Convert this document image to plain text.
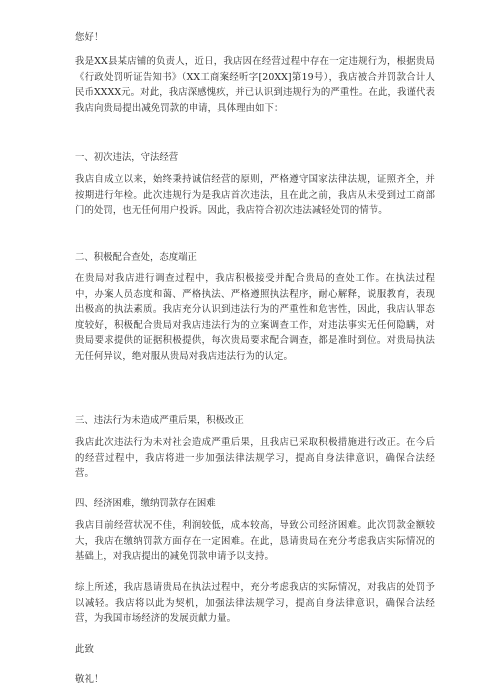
您好！

我是XX县某店铺的负责人，近日，我店因在经营过程中存在一定违规行为，根据贵局《行政处罚听证告知书》（XX工商案经听字[20XX]第19号），我店被合并罚款合计人民币XXXX元。对此，我店深感愧疚，并已认识到违规行为的严重性。在此，我谨代表我店向贵局提出减免罚款的申请，具体理由如下：

一、初次违法，守法经营

我店自成立以来，始终秉持诚信经营的原则，严格遵守国家法律法规，证照齐全，并按期进行年检。此次违规行为是我店首次违法，且在此之前，我店从未受到过工商部门的处罚，也无任何用户投诉。因此，我店符合初次违法减轻处罚的情节。

二、积极配合查处，态度端正

在贵局对我店进行调查过程中，我店积极接受并配合贵局的查处工作。在执法过程中，办案人员态度和蔼、严格执法、严格遵照执法程序，耐心解释，说服教育，表现出极高的执法素质。我店充分认识到违法行为的严重性和危害性，因此，我店认罪态度较好，积极配合贵局对我店违法行为的立案调查工作，对违法事实无任何隐瞒，对贵局要求提供的证据积极提供，每次贵局要求配合调查，都是准时到位。对贵局执法无任何异议，绝对服从贵局对我店违法行为的认定。

三、违法行为未造成严重后果，积极改正

我店此次违法行为未对社会造成严重后果，且我店已采取积极措施进行改正。在今后的经营过程中，我店将进一步加强法律法规学习，提高自身法律意识，确保合法经营。

四、经济困难，缴纳罚款存在困难

我店目前经营状况不佳，利润较低，成本较高，导致公司经济困难。此次罚款金额较大，我店在缴纳罚款方面存在一定困难。在此，恳请贵局在充分考虑我店实际情况的基础上，对我店提出的减免罚款申请予以支持。

综上所述，我店恳请贵局在执法过程中，充分考虑我店的实际情况，对我店的处罚予以减轻。我店将以此为契机，加强法律法规学习，提高自身法律意识，确保合法经营，为我国市场经济的发展贡献力量。

此致

敬礼！
